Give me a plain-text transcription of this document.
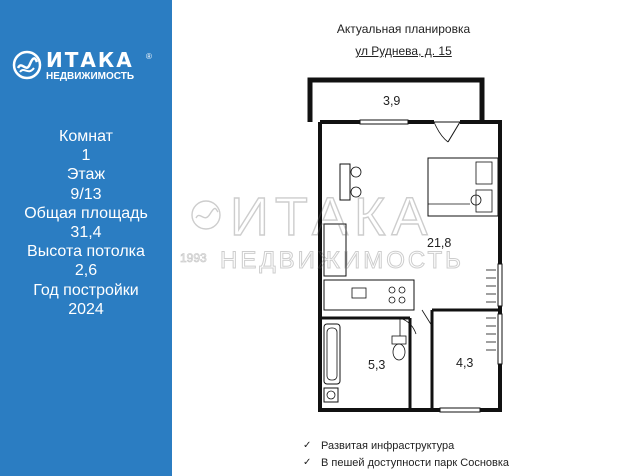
ИТАКА ®
НЕДВИЖИМОСТЬ
Комнат
1
Этаж
9/13
Общая площадь
31,4
Высота потолка
2,6
Год постройки
2024
Актуальная планировка
ул Руднева, д. 15
3,9
21,8
5,3	4,3
ИТАКА
1993 НЕДВИЖИМОСТЬ
✓ Развитая инфраструктура
✓ В пешей доступности парк Сосновка
